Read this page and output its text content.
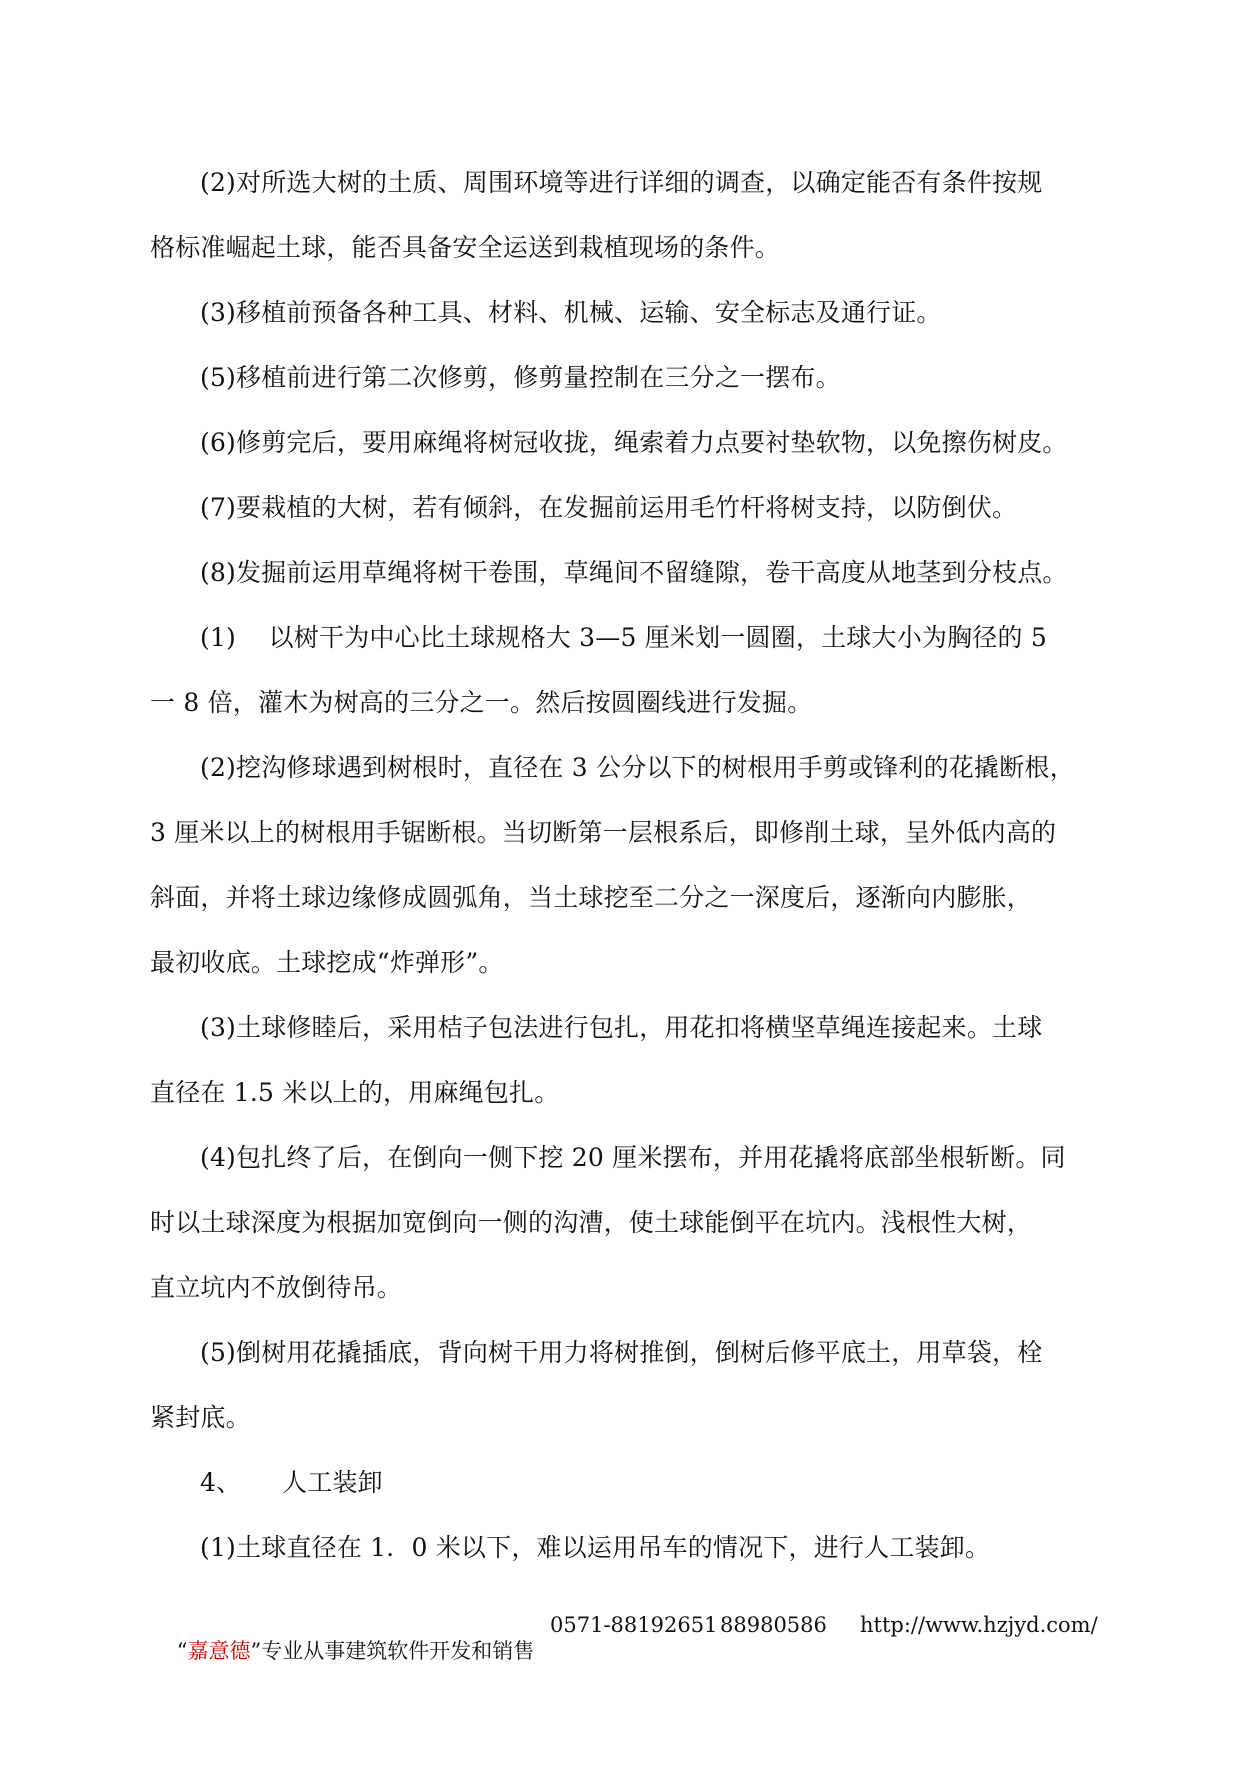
(2)对所选大树的土质、周围环境等进行详细的调查，以确定能否有条件按规
格标准崛起土球，能否具备安全运送到栽植现场的条件。
(3)移植前预备各种工具、材料、机械、运输、安全标志及通行证。
(5)移植前进行第二次修剪，修剪量控制在三分之一摆布。
(6)修剪完后，要用麻绳将树冠收拢，绳索着力点要衬垫软物，以免擦伤树皮。
(7)要栽植的大树，若有倾斜，在发掘前运用毛竹杆将树支持，以防倒伏。
(8)发掘前运用草绳将树干卷围，草绳间不留缝隙，卷干高度从地茎到分枝点。
(1)    以树干为中心比土球规格大 3—5 厘米划一圆圈，土球大小为胸径的 5
一 8 倍，灌木为树高的三分之一。然后按圆圈线进行发掘。
(2)挖沟修球遇到树根时，直径在 3 公分以下的树根用手剪或锋利的花撬断根，
3 厘米以上的树根用手锯断根。当切断第一层根系后，即修削土球，呈外低内高的
斜面，并将土球边缘修成圆弧角，当土球挖至二分之一深度后，逐渐向内膨胀，
最初收底。土球挖成“炸弹形”。
(3)土球修睦后，采用桔子包法进行包扎，用花扣将横坚草绳连接起来。土球
直径在 1.5 米以上的，用麻绳包扎。
(4)包扎终了后，在倒向一侧下挖 20 厘米摆布，并用花撬将底部坐根斩断。同
时以土球深度为根据加宽倒向一侧的沟漕，使土球能倒平在坑内。浅根性大树，
直立坑内不放倒待吊。
(5)倒树用花撬插底，背向树干用力将树推倒，倒树后修平底土，用草袋，栓
紧封底。
4、     人工装卸
(1)土球直径在 1．0 米以下，难以运用吊车的情况下，进行人工装卸。

“嘉意德”专业从事建筑软件开发和销售

0571-88192651

88980586

http://www.hzjyd.com/
